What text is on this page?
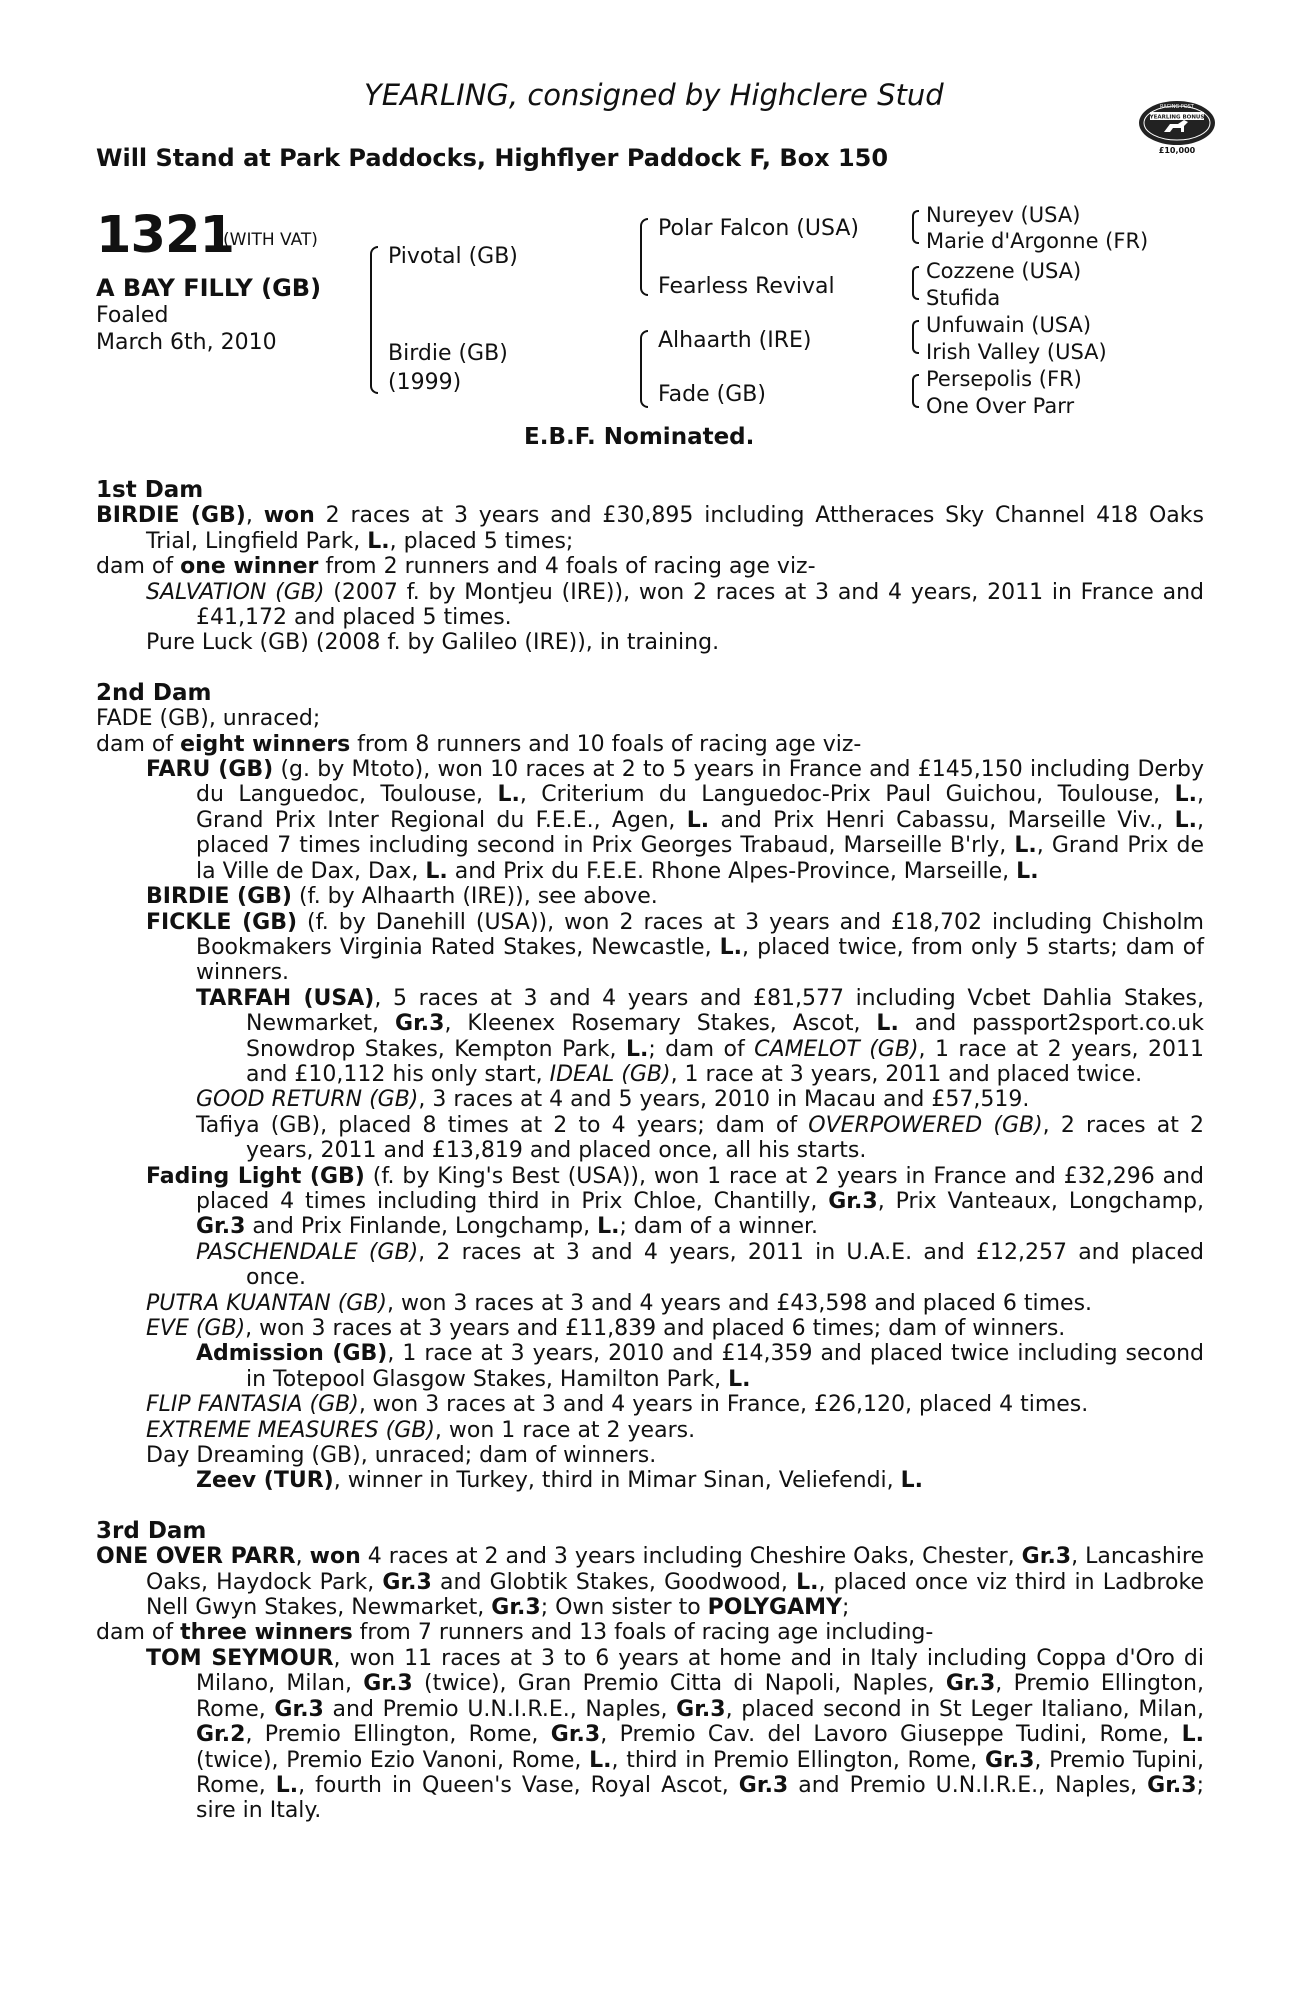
YEARLING, consigned by Highclere Stud
Will Stand at Park Paddocks, Highflyer Paddock F, Box 150	£10,000
RACING POST
YEARLING BONUS
1321
(WITH VAT)
A BAY FILLY (GB)
Foaled
March 6th, 2010
Pivotal (GB)
Birdie (GB)
(1999)
Polar Falcon (USA)
Fearless Revival
Alhaarth (IRE)
Fade (GB)
Nureyev (USA)
Marie d'Argonne (FR)
Cozzene (USA)
Stufida
Unfuwain (USA)
Irish Valley (USA)
Persepolis (FR)
One Over Parr
E.B.F. Nominated.

1st Dam

BIRDIE (GB), won 2 races at 3 years and £30,895 including Attheraces Sky Channel 418 Oaks Trial, Lingfield Park, L., placed 5 times;

dam of one winner from 2 runners and 4 foals of racing age viz-

SALVATION (GB) (2007 f. by Montjeu (IRE)), won 2 races at 3 and 4 years, 2011 in France and £41,172 and placed 5 times.

Pure Luck (GB) (2008 f. by Galileo (IRE)), in training.

2nd Dam

FADE (GB), unraced;

dam of eight winners from 8 runners and 10 foals of racing age viz-

FARU (GB) (g. by Mtoto), won 10 races at 2 to 5 years in France and £145,150 including Derby du Languedoc, Toulouse, L., Criterium du Languedoc-Prix Paul Guichou, Toulouse, L., Grand Prix Inter Regional du F.E.E., Agen, L. and Prix Henri Cabassu, Marseille Viv., L., placed 7 times including second in Prix Georges Trabaud, Marseille B'rly, L., Grand Prix de la Ville de Dax, Dax, L. and Prix du F.E.E. Rhone Alpes-Province, Marseille, L.

BIRDIE (GB) (f. by Alhaarth (IRE)), see above.

FICKLE (GB) (f. by Danehill (USA)), won 2 races at 3 years and £18,702 including Chisholm Bookmakers Virginia Rated Stakes, Newcastle, L., placed twice, from only 5 starts; dam of winners.

TARFAH (USA), 5 races at 3 and 4 years and £81,577 including Vcbet Dahlia Stakes, Newmarket, Gr.3, Kleenex Rosemary Stakes, Ascot, L. and passport2sport.co.uk Snowdrop Stakes, Kempton Park, L.; dam of CAMELOT (GB), 1 race at 2 years, 2011 and £10,112 his only start, IDEAL (GB), 1 race at 3 years, 2011 and placed twice.

GOOD RETURN (GB), 3 races at 4 and 5 years, 2010 in Macau and £57,519.

Tafiya (GB), placed 8 times at 2 to 4 years; dam of OVERPOWERED (GB), 2 races at 2 years, 2011 and £13,819 and placed once, all his starts.

Fading Light (GB) (f. by King's Best (USA)), won 1 race at 2 years in France and £32,296 and placed 4 times including third in Prix Chloe, Chantilly, Gr.3, Prix Vanteaux, Longchamp, Gr.3 and Prix Finlande, Longchamp, L.; dam of a winner.

PASCHENDALE (GB), 2 races at 3 and 4 years, 2011 in U.A.E. and £12,257 and placed once.

PUTRA KUANTAN (GB), won 3 races at 3 and 4 years and £43,598 and placed 6 times.

EVE (GB), won 3 races at 3 years and £11,839 and placed 6 times; dam of winners.

Admission (GB), 1 race at 3 years, 2010 and £14,359 and placed twice including second in Totepool Glasgow Stakes, Hamilton Park, L.

FLIP FANTASIA (GB), won 3 races at 3 and 4 years in France, £26,120, placed 4 times.

EXTREME MEASURES (GB), won 1 race at 2 years.

Day Dreaming (GB), unraced; dam of winners.

Zeev (TUR), winner in Turkey, third in Mimar Sinan, Veliefendi, L.

3rd Dam

ONE OVER PARR, won 4 races at 2 and 3 years including Cheshire Oaks, Chester, Gr.3, Lancashire Oaks, Haydock Park, Gr.3 and Globtik Stakes, Goodwood, L., placed once viz third in Ladbroke Nell Gwyn Stakes, Newmarket, Gr.3; Own sister to POLYGAMY;

dam of three winners from 7 runners and 13 foals of racing age including-

TOM SEYMOUR, won 11 races at 3 to 6 years at home and in Italy including Coppa d'Oro di Milano, Milan, Gr.3 (twice), Gran Premio Citta di Napoli, Naples, Gr.3, Premio Ellington, Rome, Gr.3 and Premio U.N.I.R.E., Naples, Gr.3, placed second in St Leger Italiano, Milan, Gr.2, Premio Ellington, Rome, Gr.3, Premio Cav. del Lavoro Giuseppe Tudini, Rome, L. (twice), Premio Ezio Vanoni, Rome, L., third in Premio Ellington, Rome, Gr.3, Premio Tupini, Rome, L., fourth in Queen's Vase, Royal Ascot, Gr.3 and Premio U.N.I.R.E., Naples, Gr.3; sire in Italy.
